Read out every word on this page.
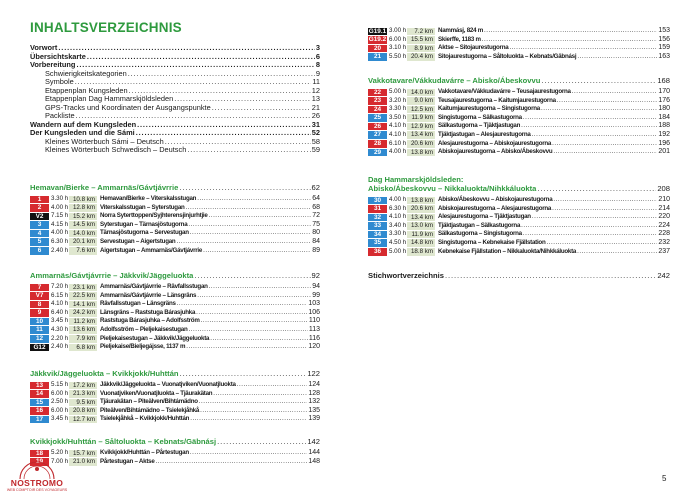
INHALTSVERZEICHNIS
Vorwort . . .	3
Übersichtskarte . . .	6
Vorbereitung . . .	8
Schwierigkeitskategorien . . .	9
Symbole . . .	11
Etappenplan Kungsleden . . .	12
Etappenplan Dag Hammarskjöldsleden . . .	13
GPS-Tracks und Koordinaten der Ausgangspunkte . . .	21
Packliste . . .	26
Wandern auf dem Kungsleden . . .	31
Der Kungsleden und die Sámi . . .	52
Kleines Wörterbuch Sámi – Deutsch . . .	58
Kleines Wörterbuch Schwedisch – Deutsch . . .	59
Hemavan/Bierke – Ammarnäs/Gávtjávrrie . . .	62
1	3.30 h 10.8 km Hemavan/Bierke – Viterskalsstugan . . .	64
2	4.00 h 12.8 km Viterskalsstugan – Syterstugan . . .	68
V2	7.15 h 15.2 km Norra Syterttoppen/Syjhterensjinjurhtjie . . .	72
3	4.15 h 14.5 km Syterstugan – Tärnasjöstugorna . . .	75
4	4.00 h 14.0 km Tärnasjöstugorna – Servestugan . . .	80
5	6.30 h 20.1 km Servestugan – Aigertstugan . . .	84
6	2.40 h	7.6 km Aigertstugan – Ammarnäs/Gávtjávrrie . . .	89
Ammarnäs/Gávtjávrrie – Jäkkvik/Jäggeluokta . . .	92
7	7.20 h 23.1 km Ammarnäs/Gávtjávrrie – Rävfallsstugan . . .	94
V7	6.15 h 22.5 km Ammarnäs/Gávtjávrrie – Länsgräns . . .	99
8	4.10 h 14.1 km Rävfallsstugan – Länsgräns . . .	103
9	6.40 h 24.2 km Länsgräns – Raststuga Bárasjuhka . . .	106
10	3.45 h 11.2 km Raststuga Bárasjuhka – Adolfsström . . .	110
11	4.30 h 13.6 km Adolfsström – Pieljekaisestugan . . .	113
12	2.20 h	7.9 km Pieljekaisestugan – Jäkkvik/Jäggeluokta . . .	116
G12 2.40 h	6.8 km Pieljekaise/Bieljegájsse, 1137 m . . .	120
Jäkkvik/Jäggeluokta – Kvikkjokk/Huhttán . . .	122
13	5.15 h 17.2 km Jäkkvik/Jäggeluokta – Vuonatjviken/Vuonatjluokta . . .	124
14	6.00 h 21.3 km Vuonatjviken/Vuonatjluokta – Tjäurakätan . . .	128
15	2.50 h	9.5 km Tjäurakätan – Piteälven/Bihtámädno . . .	132
16	6.00 h 20.8 km Piteälven/Bihtámädno – Tsielekjåhkå . . .	135
17	3.45 h 12.7 km Tsielekjåhkå – Kvikkjokk/Huhttán . . .	139
Kvikkjokk/Huhttán – Såltoluokta – Kebnats/Gäbnásj . . .	142
18	5.20 h 15.7 km Kvikkjokk/Huhttán – Pårtestugan . . .	144
19	7.00 h 21.0 km Pårtestugan – Aktse . . .	148
G19.1 3.00 h	7.2 km Nammásj, 824 m . . .	153
G19.2 6.00 h 15.5 km Skierffe, 1183 m . . .	156
20	3.10 h	8.9 km Aktse – Sitojaurestugorna . . .	159
21	5.50 h 20.4 km Sitojaurestugorna – Såltoluokta – Kebnats/Gäbnásj . . .	163
Vakkotavare/Vákkudavárre – Abisko/Ábeskovvu . . .	168
22	5.00 h 14.0 km Vakkotavare/Vákkudavárre – Teusajaurestugorna . . .	170
23	3.20 h	9.0 km Teusajaurestugorna – Kaitumjaurestugorna . . .	176
24	3.30 h 12.5 km Kaitumjaurestugorna – Singistugorna . . .	180
25	3.50 h 11.9 km Singistugorna – Sälkastugorna . . .	184
26	4.10 h 12.9 km Sälkastugorna – Tjäktjastugan . . .	188
27	4.10 h 13.4 km Tjäktjastugan – Alesjaurestugorna . . .	192
28	6.10 h 20.6 km Alesjaurestugorna – Abiskojaurestugorna . . .	196
29	4.00 h 13.8 km Abiskojaurestugorna – Abisko/Ábeskovvu . . .	201
Dag Hammarskjöldsleden:
Abisko/Ábeskovvu – Nikkaluokta/Nihkkáluokta . . .	208
30	4.00 h 13.8 km Abisko/Ábeskovvu – Abiskojaurestugorna . . .	210
31	6.30 h 20.6 km Abiskojaurestugorna – Alesjaurestugorna . . .	214
32	4.10 h 13.4 km Alesjaurestugorna – Tjäktjastugan . . .	220
33	3.40 h 13.0 km Tjäktjastugan – Sälkastugorna . . .	224
34	3.30 h 11.9 km Sälkastugorna – Singistugorna . . .	228
35	4.50 h 14.8 km Singistugorna – Kebnekaise Fjällstation . . .	232
36	5.00 h 18.8 km Kebnekaise Fjällstation – Nikkaluokta/Nihkkáluokta . . .	237
Stichwortverzeichnis . . .	242
NOSTROMO
WEB COMPTOIR DES VOYAGEURS
5
